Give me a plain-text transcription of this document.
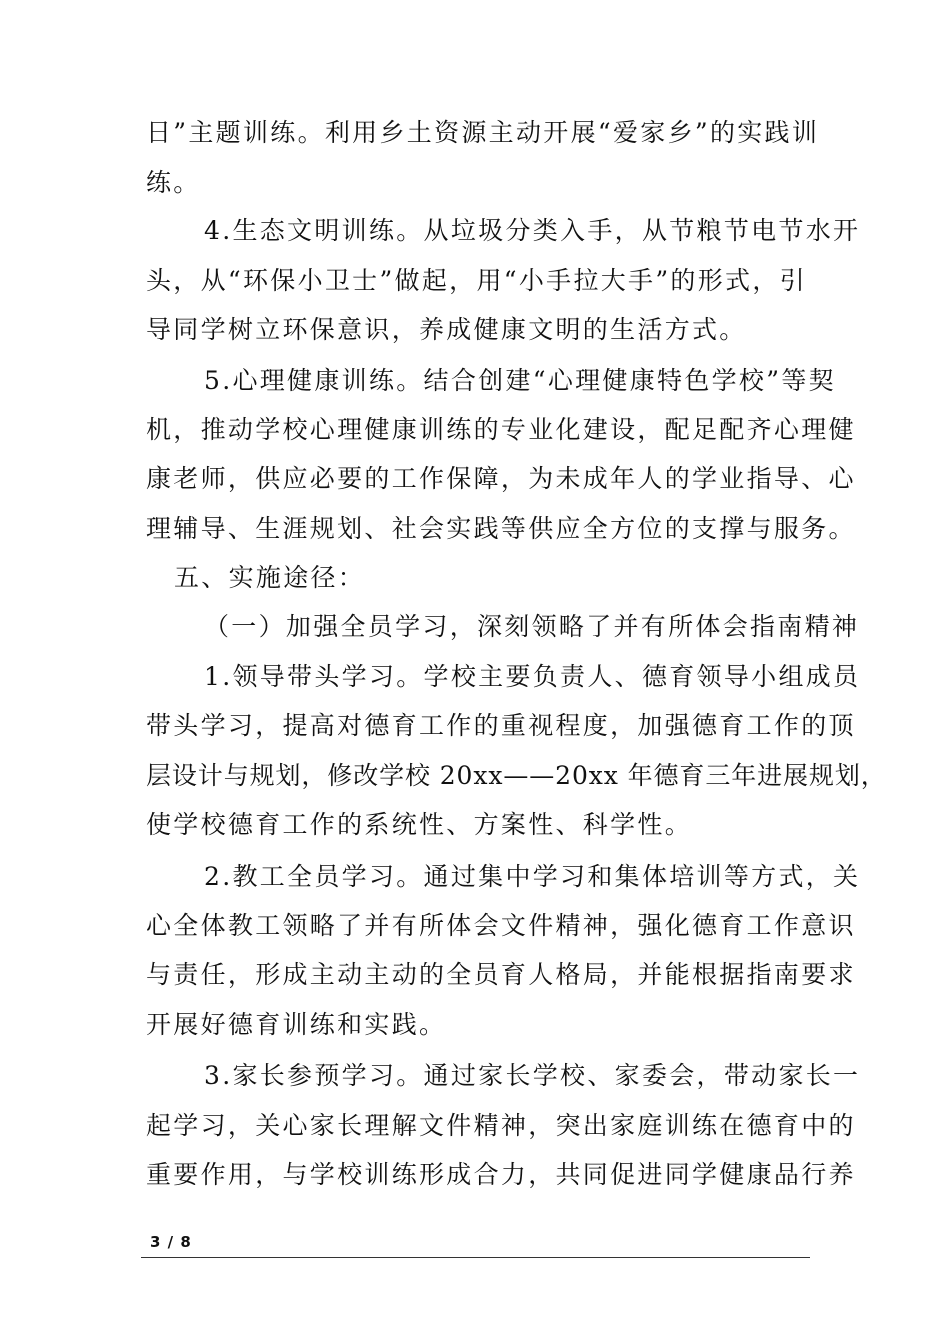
日”主题训练。利用乡土资源主动开展“爱家乡”的实践训
练。
4.生态文明训练。从垃圾分类入手，从节粮节电节水开
头，从“环保小卫士”做起，用“小手拉大手”的形式，引
导同学树立环保意识，养成健康文明的生活方式。
5.心理健康训练。结合创建“心理健康特色学校”等契
机，推动学校心理健康训练的专业化建设，配足配齐心理健
康老师，供应必要的工作保障，为未成年人的学业指导、心
理辅导、生涯规划、社会实践等供应全方位的支撑与服务。
五、实施途径：
（一）加强全员学习，深刻领略了并有所体会指南精神
1.领导带头学习。学校主要负责人、德育领导小组成员
带头学习，提高对德育工作的重视程度，加强德育工作的顶
层设计与规划，修改学校 20xx——20xx 年德育三年进展规划，
使学校德育工作的系统性、方案性、科学性。
2.教工全员学习。通过集中学习和集体培训等方式，关
心全体教工领略了并有所体会文件精神，强化德育工作意识
与责任，形成主动主动的全员育人格局，并能根据指南要求
开展好德育训练和实践。
3.家长参预学习。通过家长学校、家委会，带动家长一
起学习，关心家长理解文件精神，突出家庭训练在德育中的
重要作用，与学校训练形成合力，共同促进同学健康品行养
3 / 8
